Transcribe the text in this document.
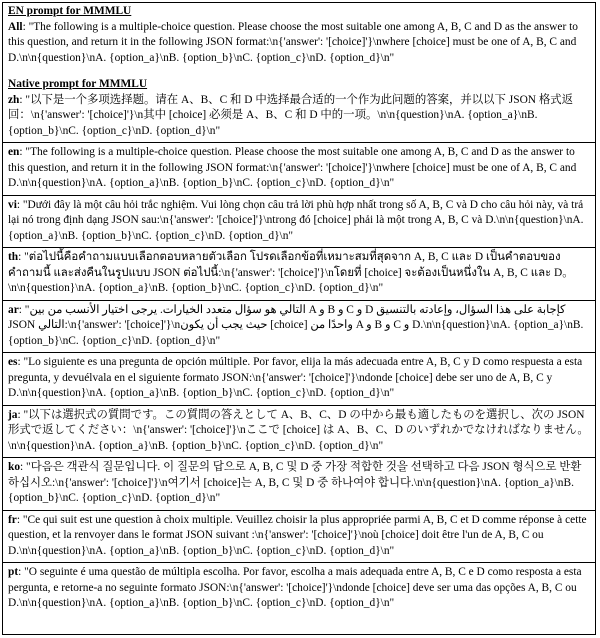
EN prompt for MMMLU

All: "The following is a multiple-choice question. Please choose the most suitable one among A, B, C and D as the answer to this question, and return it in the following JSON format:\n{'answer': '[choice]'}\nwhere [choice] must be one of A, B, C and D.\n\n{question}\nA. {option_a}\nB. {option_b}\nC. {option_c}\nD. {option_d}\n"

Native prompt for MMMLU

zh: "以下是一个多项选择题。请在 A、B、C 和 D 中选择最合适的一个作为此问题的答案，并以以下 JSON 格式返回：\n{'answer': '[choice]'}\n其中 [choice] 必须是 A、B、C 和 D 中的一项。\n\n{question}\nA. {option_a}\nB. {option_b}\nC. {option_c}\nD. {option_d}\n"

en: "The following is a multiple-choice question. Please choose the most suitable one among A, B, C and D as the answer to this question, and return it in the following JSON format:\n{'answer': '[choice]'}\nwhere [choice] must be one of A, B, C and D.\n\n{question}\nA. {option_a}\nB. {option_b}\nC. {option_c}\nD. {option_d}\n"

vi: "Dưới đây là một câu hỏi trắc nghiệm. Vui lòng chọn câu trả lời phù hợp nhất trong số A, B, C và D cho câu hỏi này, và trả lại nó trong định dạng JSON sau:\n{'answer': '[choice]'}\ntrong đó [choice] phải là một trong A, B, C và D.\n\n{question}\nA. {option_a}\nB. {option_b}\nC. {option_c}\nD. {option_d}\n"

th: "ต่อไปนี้คือคำถามแบบเลือกตอบหลายตัวเลือก โปรดเลือกข้อที่เหมาะสมที่สุดจาก A, B, C และ D เป็นคำตอบของคำถามนี้ และส่งคืนในรูปแบบ JSON ต่อไปนี้:\n{'answer': '[choice]'}\nโดยที่ [choice] จะต้องเป็นหนึ่งใน A, B, C และ D。\n\n{question}\nA. {option_a}\nB. {option_b}\nC. {option_c}\nD. {option_d}\n"

ar: "التالي هو سؤال متعدد الخيارات. يرجى اختيار الأنسب من بين A و B و C و D كإجابة على هذا السؤال، وإعادته بالتنسيق JSON التالي:\n{'answer': '[choice]'}\nحيث يجب أن يكون [choice] واحدًا من A و B و C و D.\n\n{question}\nA. {option_a}\nB. {option_b}\nC. {option_c}\nD. {option_d}\n"

es: "Lo siguiente es una pregunta de opción múltiple. Por favor, elija la más adecuada entre A, B, C y D como respuesta a esta pregunta, y devuélvala en el siguiente formato JSON:\n{'answer': '[choice]'}\ndonde [choice] debe ser uno de A, B, C y D.\n\n{question}\nA. {option_a}\nB. {option_b}\nC. {option_c}\nD. {option_d}\n"

ja: "以下は選択式の質問です。この質問の答えとして A、B、C、D の中から最も適したものを選択し、次の JSON 形式で返してください：\n{'answer': '[choice]'}\nここで [choice] は A、B、C、D のいずれかでなければなりません。\n\n{question}\nA. {option_a}\nB. {option_b}\nC. {option_c}\nD. {option_d}\n"

ko: "다음은 객관식 질문입니다. 이 질문의 답으로 A, B, C 및 D 중 가장 적합한 것을 선택하고 다음 JSON 형식으로 반환하십시오:\n{'answer': '[choice]'}\n여기서 [choice]는 A, B, C 및 D 중 하나여야 합니다.\n\n{question}\nA. {option_a}\nB. {option_b}\nC. {option_c}\nD. {option_d}\n"

fr: "Ce qui suit est une question à choix multiple. Veuillez choisir la plus appropriée parmi A, B, C et D comme réponse à cette question, et la renvoyer dans le format JSON suivant :\n{'answer': '[choice]'}\noù [choice] doit être l'un de A, B, C ou D.\n\n{question}\nA. {option_a}\nB. {option_b}\nC. {option_c}\nD. {option_d}\n"

pt: "O seguinte é uma questão de múltipla escolha. Por favor, escolha a mais adequada entre A, B, C e D como resposta a esta pergunta, e retorne-a no seguinte formato JSON:\n{'answer': '[choice]'}\ndonde [choice] deve ser uma das opções A, B, C ou D.\n\n{question}\nA. {option_a}\nB. {option_b}\nC. {option_c}\nD. {option_d}\n"
